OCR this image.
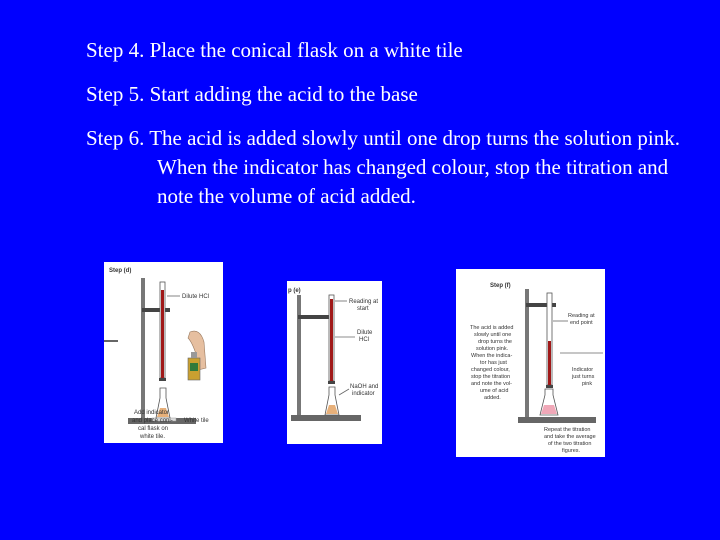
Step 4. Place the conical flask on a white tile
Step 5. Start adding the acid to the base
Step 6. The acid is added slowly until one drop turns the solution pink. When the indicator has changed colour, stop the titration and note the volume of acid added.
Step (d)
Dilute HCl
Add indicator
and place coni-
cal flask on
white tile.
White tile
p (e)
Reading at
start
Dilute
HCl
NaOH and
indicator
Step (f)
The acid is added
slowly until one
drop turns the
solution pink.
When the indica-
tor has just
changed colour,
stop the titration
and note the vol-
ume of acid
added.
Reading at
end point
Indicator
just turns
pink
Repeat the titration
and take the average
of the two titration
figures.
